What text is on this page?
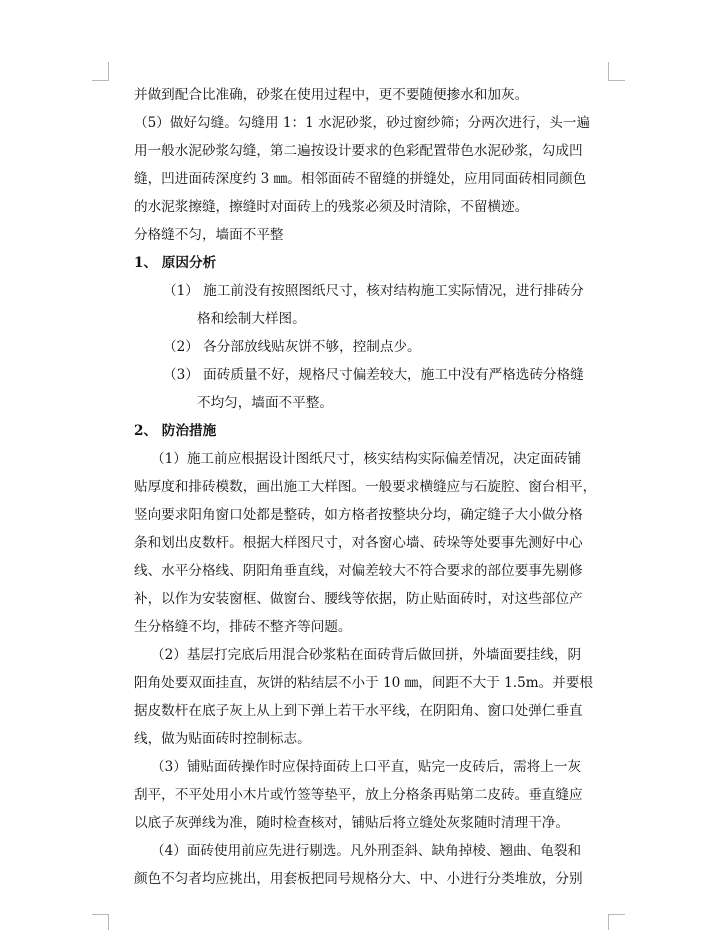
并做到配合比准确，砂浆在使用过程中，更不要随便掺水和加灰。
（5）做好勾缝。勾缝用 1：1 水泥砂浆，砂过窗纱筛；分两次进行，头一遍
用一般水泥砂浆勾缝，第二遍按设计要求的色彩配置带色水泥砂浆，勾成凹
缝，凹进面砖深度约 3 ㎜。相邻面砖不留缝的拼缝处，应用同面砖相同颜色
的水泥浆擦缝，擦缝时对面砖上的残浆必须及时清除，不留横迹。
分格缝不匀，墙面不平整
1、 原因分析
（1） 施工前没有按照图纸尺寸，核对结构施工实际情况，进行排砖分
格和绘制大样图。
（2） 各分部放线贴灰饼不够，控制点少。
（3） 面砖质量不好，规格尺寸偏差较大，施工中没有严格选砖分格缝
不均匀，墙面不平整。
2、 防治措施
（1）施工前应根据设计图纸尺寸，核实结构实际偏差情况，决定面砖铺
贴厚度和排砖模数，画出施工大样图。一般要求横缝应与石旋腔、窗台相平，
竖向要求阳角窗口处都是整砖，如方格者按整块分均，确定缝子大小做分格
条和划出皮数杆。根据大样图尺寸，对各窗心墙、砖垛等处要事先测好中心
线、水平分格线、阴阳角垂直线，对偏差较大不符合要求的部位要事先剔修
补，以作为安装窗框、做窗台、腰线等依据，防止贴面砖时，对这些部位产
生分格缝不均，排砖不整齐等问题。
（2）基层打完底后用混合砂浆粘在面砖背后做回拼，外墙面要挂线，阴
阳角处要双面挂直，灰饼的粘结层不小于 10 ㎜，间距不大于 1.5m。并要根
据皮数杆在底子灰上从上到下弹上若干水平线，在阴阳角、窗口处弹仁垂直
线，做为贴面砖时控制标志。
（3）铺贴面砖操作时应保持面砖上口平直，贴完一皮砖后，需将上一灰
刮平，不平处用小木片或竹签等垫平，放上分格条再贴第二皮砖。垂直缝应
以底子灰弹线为准，随时检查核对，铺贴后将立缝处灰浆随时清理干净。
（4）面砖使用前应先进行剔选。凡外刑歪斜、缺角掉棱、翘曲、龟裂和
颜色不匀者均应挑出，用套板把同号规格分大、中、小进行分类堆放，分别
